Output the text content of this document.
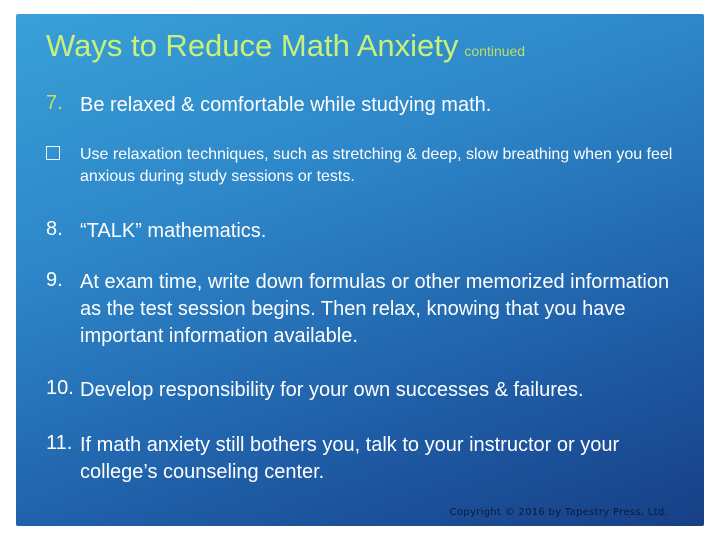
Ways to Reduce Math Anxiety continued
7. Be relaxed & comfortable while studying math.
Use relaxation techniques, such as stretching & deep, slow breathing when you feel anxious during study sessions or tests.
8. “TALK” mathematics.
9. At exam time, write down formulas or other memorized information as the test session begins. Then relax, knowing that you have important information available.
10. Develop responsibility for your own successes & failures.
11. If math anxiety still bothers you, talk to your instructor or your college’s counseling center.
Copyright © 2016 by Tapestry Press, Ltd.
